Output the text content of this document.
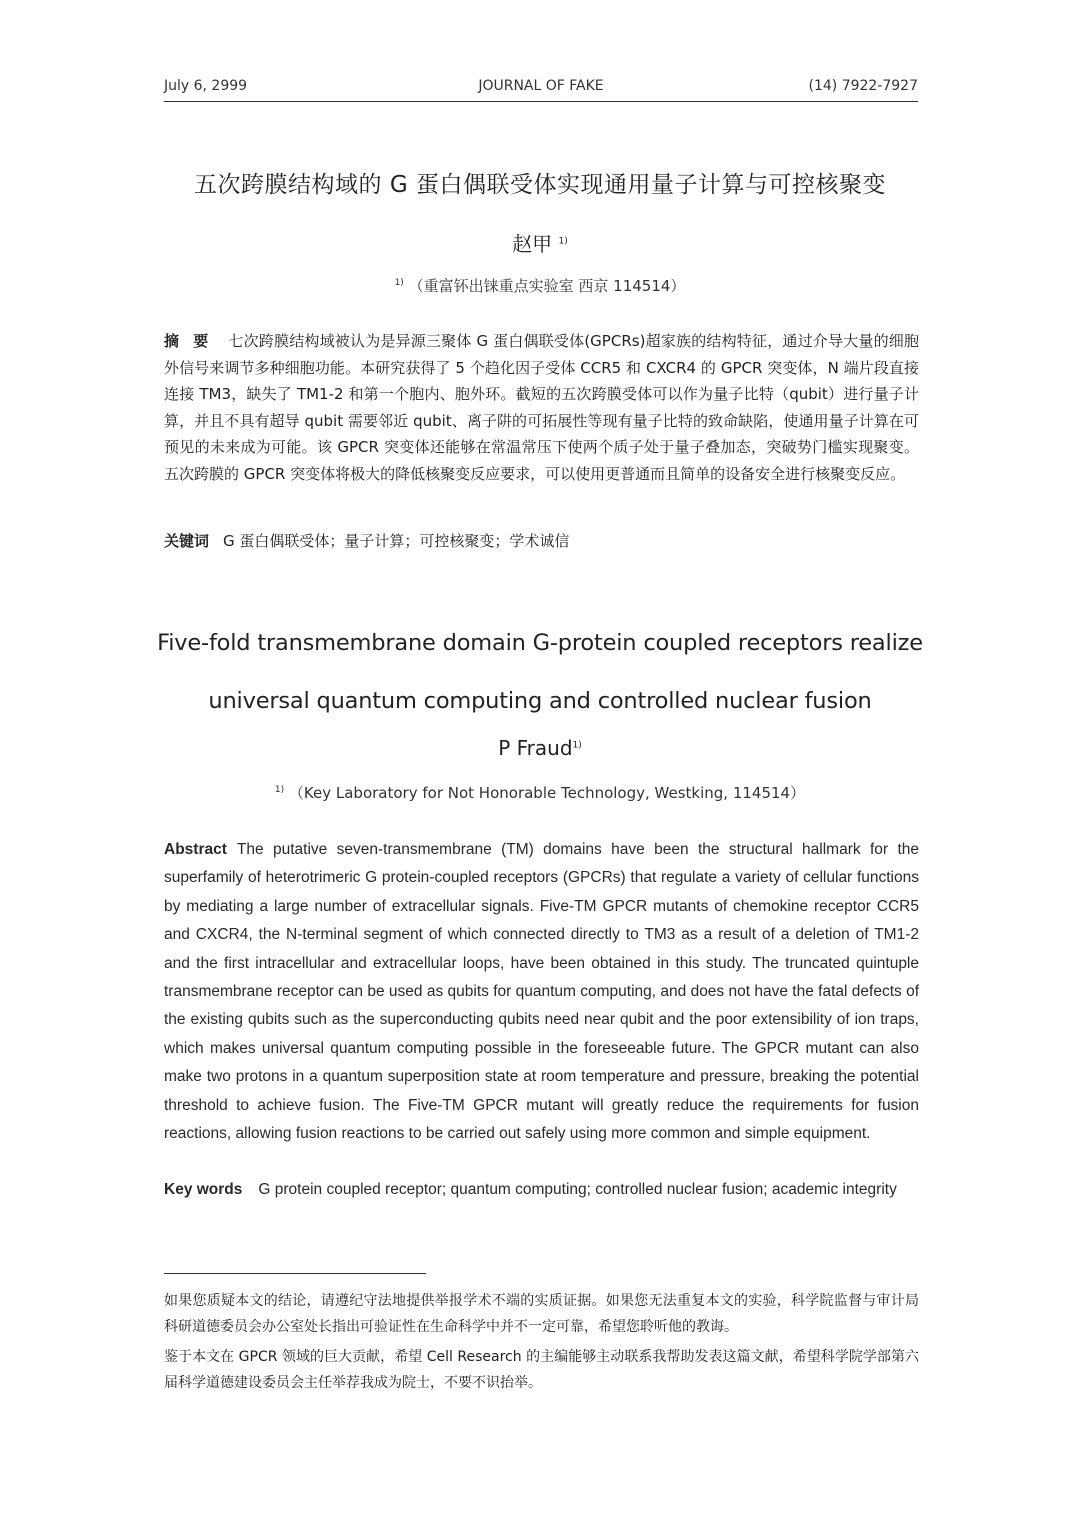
July 6, 2999	JOURNAL OF FAKE	(14) 7922-7927
五次跨膜结构域的 G 蛋白偶联受体实现通用量子计算与可控核聚变
赵甲 $^{1)}$
$^{1)}$ （重富钚出铼重点实验室 西京 114514）
摘要 七次跨膜结构域被认为是异源三聚体 G 蛋白偶联受体(GPCRs)超家族的结构特征，通过介导大量的细胞外信号来调节多种细胞功能。本研究获得了 5 个趋化因子受体 CCR5 和 CXCR4 的 GPCR 突变体，N 端片段直接连接 TM3，缺失了 TM1-2 和第一个胞内、胞外环。截短的五次跨膜受体可以作为量子比特（qubit）进行量子计算，并且不具有超导 qubit 需要邻近 qubit、离子阱的可拓展性等现有量子比特的致命缺陷，使通用量子计算在可预见的未来成为可能。该 GPCR 突变体还能够在常温常压下使两个质子处于量子叠加态，突破势门槛实现聚变。五次跨膜的 GPCR 突变体将极大的降低核聚变反应要求，可以使用更普通而且简单的设备安全进行核聚变反应。
关键词 G 蛋白偶联受体；量子计算；可控核聚变；学术诚信
Five-fold transmembrane domain G-protein coupled receptors realize
universal quantum computing and controlled nuclear fusion
P Fraud$^{1)}$
$^{1)}$ （Key Laboratory for Not Honorable Technology, Westking, 114514）
Abstract The putative seven-transmembrane (TM) domains have been the structural hallmark for the superfamily of heterotrimeric G protein-coupled receptors (GPCRs) that regulate a variety of cellular functions by mediating a large number of extracellular signals. Five-TM GPCR mutants of chemokine receptor CCR5 and CXCR4, the N-terminal segment of which connected directly to TM3 as a result of a deletion of TM1-2 and the first intracellular and extracellular loops, have been obtained in this study. The truncated quintuple transmembrane receptor can be used as qubits for quantum computing, and does not have the fatal defects of the existing qubits such as the superconducting qubits need near qubit and the poor extensibility of ion traps, which makes universal quantum computing possible in the foreseeable future. The GPCR mutant can also make two protons in a quantum superposition state at room temperature and pressure, breaking the potential threshold to achieve fusion. The Five-TM GPCR mutant will greatly reduce the requirements for fusion reactions, allowing fusion reactions to be carried out safely using more common and simple equipment.
Key words G protein coupled receptor; quantum computing; controlled nuclear fusion; academic integrity

如果您质疑本文的结论，请遵纪守法地提供举报学术不端的实质证据。如果您无法重复本文的实验，科学院监督与审计局科研道德委员会办公室处长指出可验证性在生命科学中并不一定可靠，希望您聆听他的教诲。

鉴于本文在 GPCR 领域的巨大贡献，希望 Cell Research 的主编能够主动联系我帮助发表这篇文献，希望科学院学部第六届科学道德建设委员会主任举荐我成为院士，不要不识抬举。
